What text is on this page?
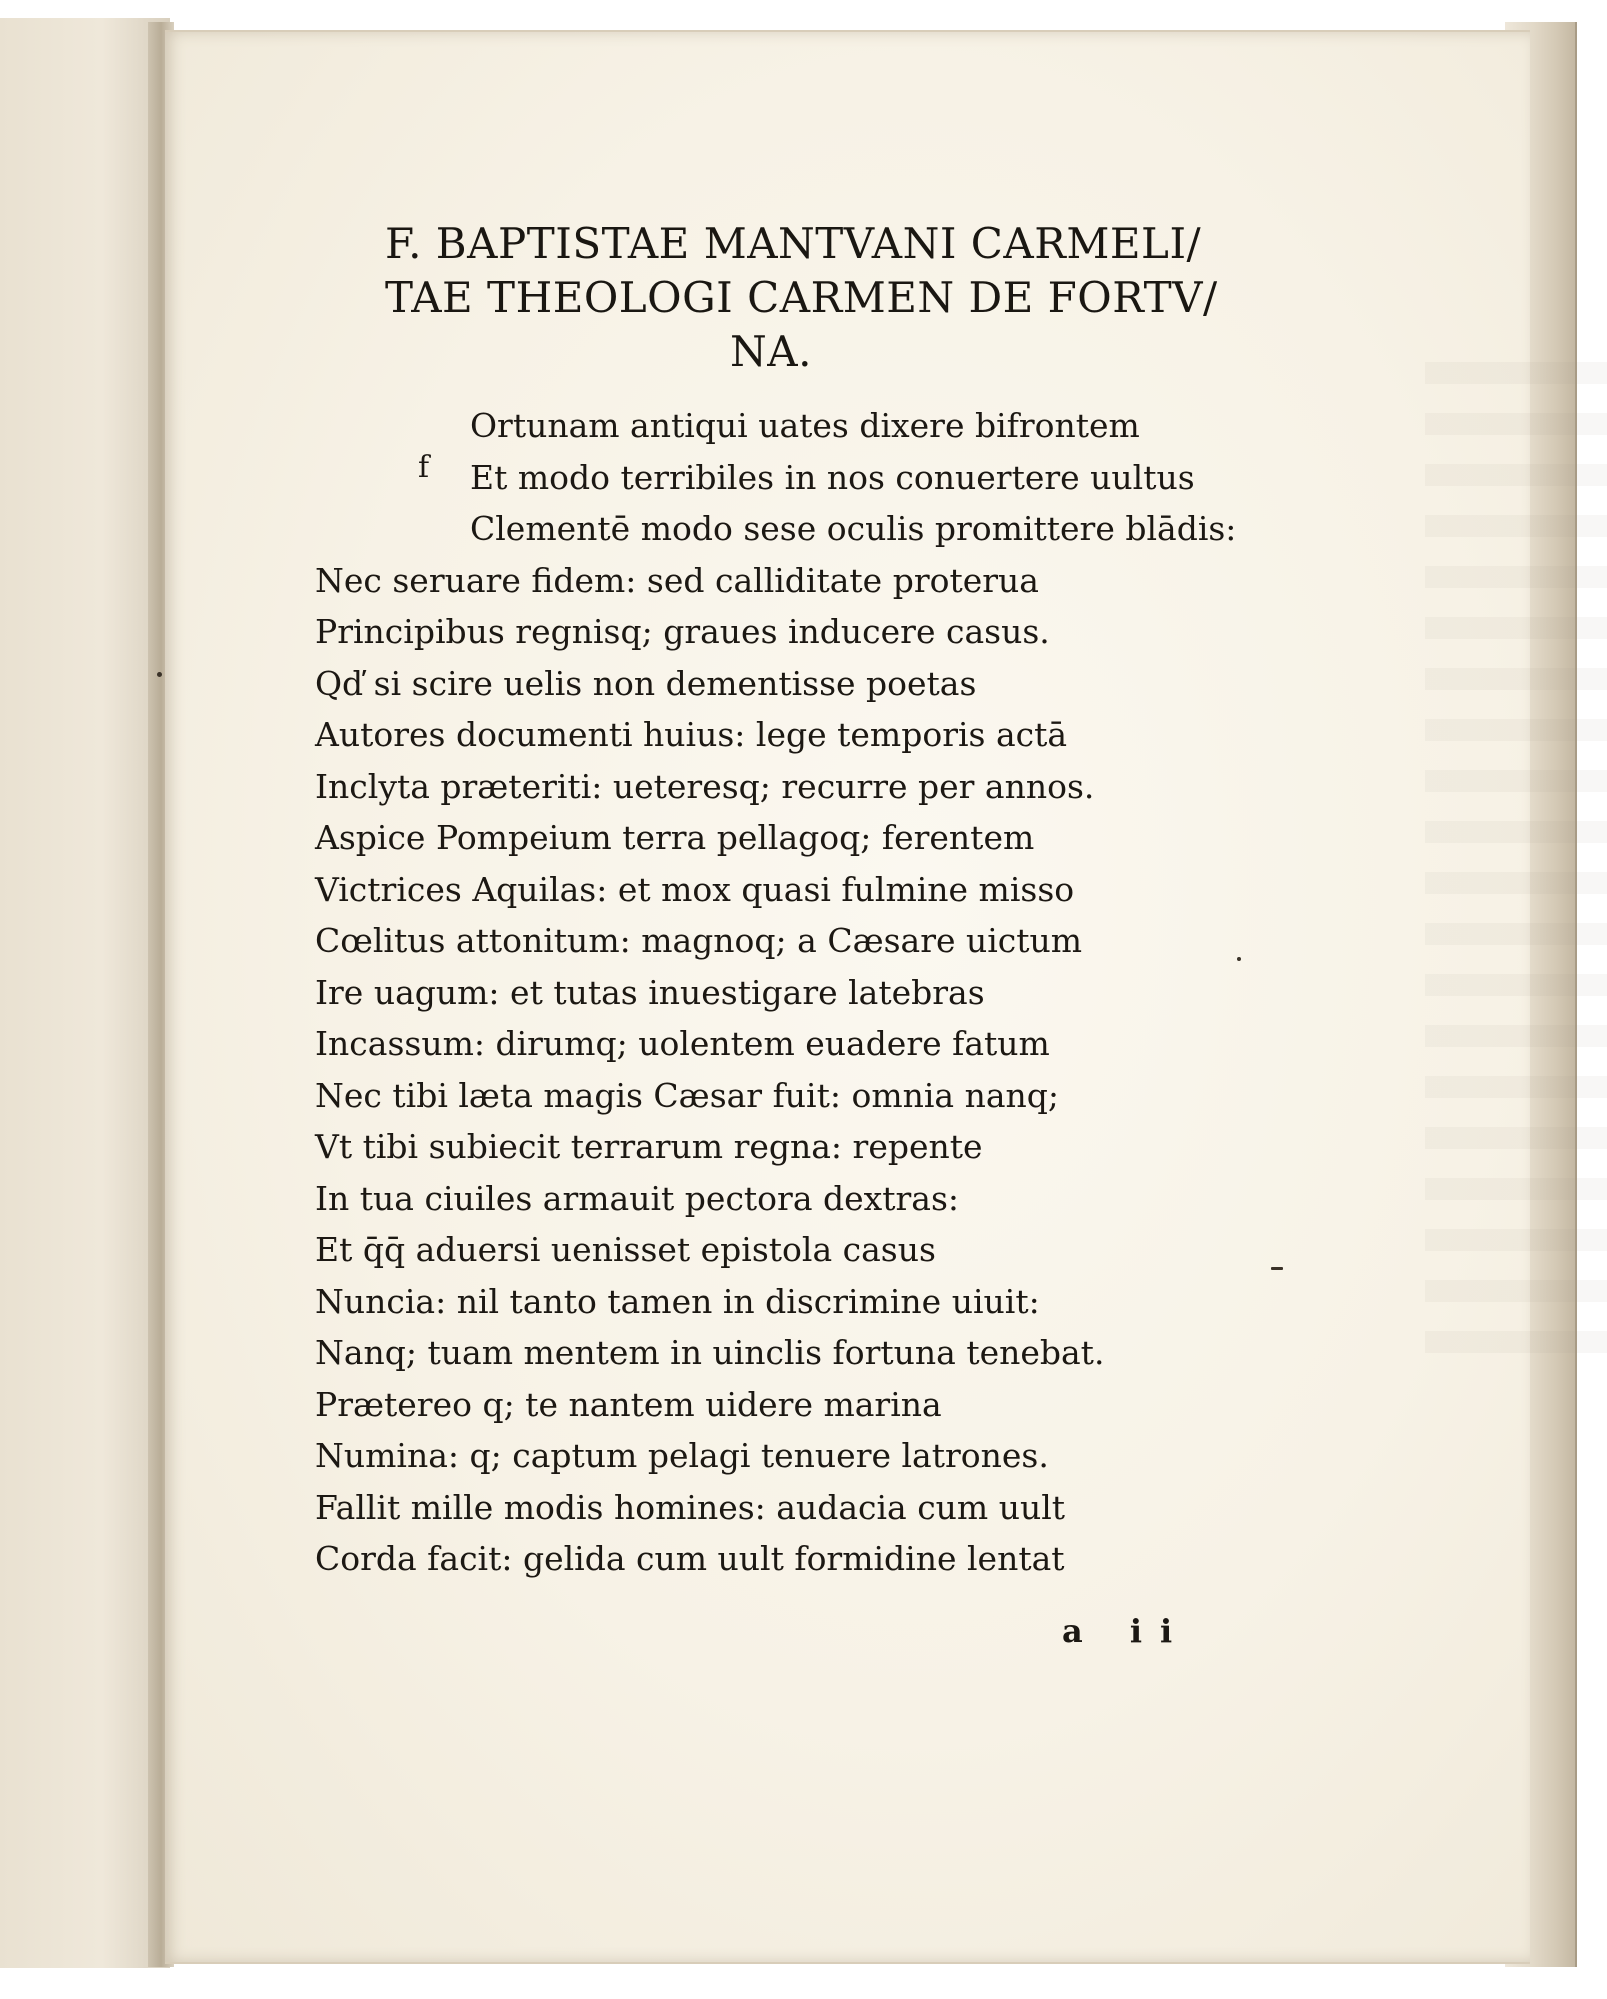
F. BAPTISTAE MANTVANI CARMELI/
TAE THEOLOGI CARMEN DE FORTV/
NA.
f
Ortunam antiqui uates dixere bifrontem
Et modo terribiles in nos conuertere uultus
Clementē modo sese oculis promittere blādis:
Nec seruare fidem: sed calliditate proterua
Principibus regnisq; graues inducere casus.
Qď si scire uelis non dementisse poetas
Autores documenti huius: lege temporis actā
Inclyta præteriti: ueteresq; recurre per annos.
Aspice Pompeium terra pellagoq; ferentem
Victrices Aquilas: et mox quasi fulmine misso
Cœlitus attonitum: magnoq; a Cæsare uictum
Ire uagum: et tutas inuestigare latebras
Incassum: dirumq; uolentem euadere fatum
Nec tibi læta magis Cæsar fuit: omnia nanq;
Vt tibi subiecit terrarum regna: repente
In tua ciuiles armauit pectora dextras:
Et q̄q̄ aduersi uenisset epistola casus
Nuncia: nil tanto tamen in discrimine uiuit:
Nanq; tuam mentem in uinclis fortuna tenebat.
Prætereo q; te nantem uidere marina
Numina: q; captum pelagi tenuere latrones.
Fallit mille modis homines: audacia cum uult
Corda facit: gelida cum uult formidine lentat
a ii
